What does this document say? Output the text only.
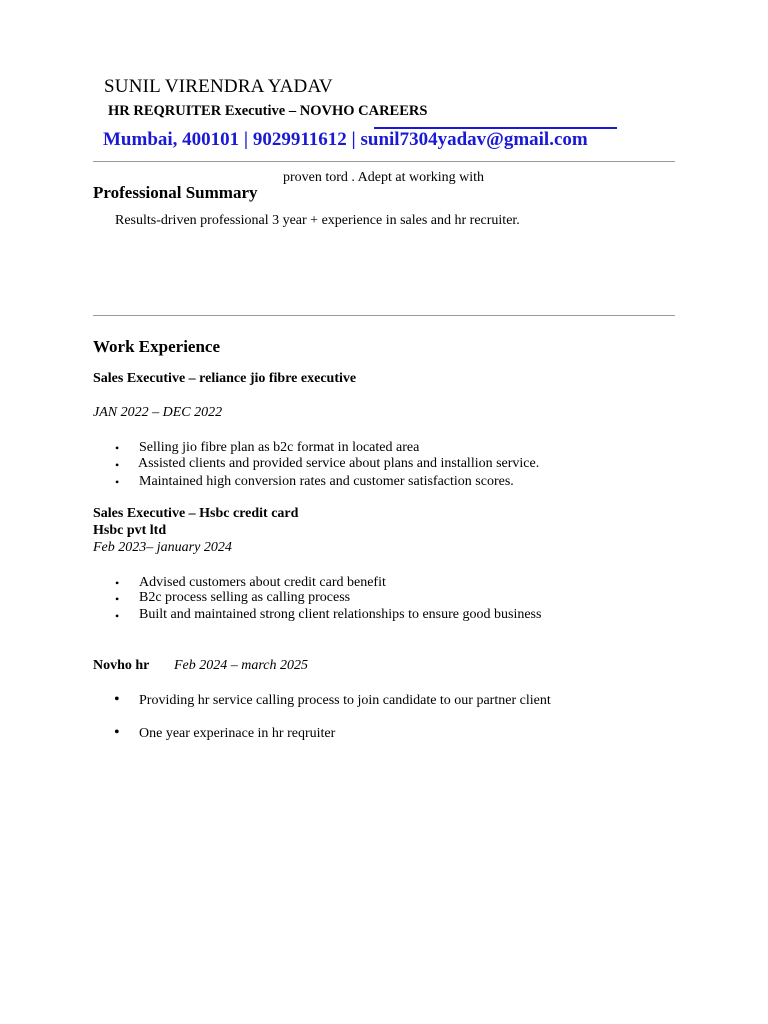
SUNIL VIRENDRA YADAV
HR REQRUITER Executive – NOVHO CAREERS
Mumbai, 400101 | 9029911612 | sunil7304yadav@gmail.com
proven tord . Adept at working with
Professional Summary
Results-driven professional 3 year + experience in sales and hr recruiter.
Work Experience
Sales Executive – reliance jio fibre executive
JAN 2022 – DEC 2022
• Selling jio fibre plan as b2c format in located area
• Assisted clients and provided service about plans and installion service.
• Maintained high conversion rates and customer satisfaction scores.
Sales Executive – Hsbc credit card
Hsbc pvt ltd
Feb 2023– january 2024
• Advised customers about credit card benefit
• B2c process selling as calling process
• Built and maintained strong client relationships to ensure good business
Novho hr Feb 2024 – march 2025
• Providing hr service calling process to join candidate to our partner client
• One year experinace in hr reqruiter
